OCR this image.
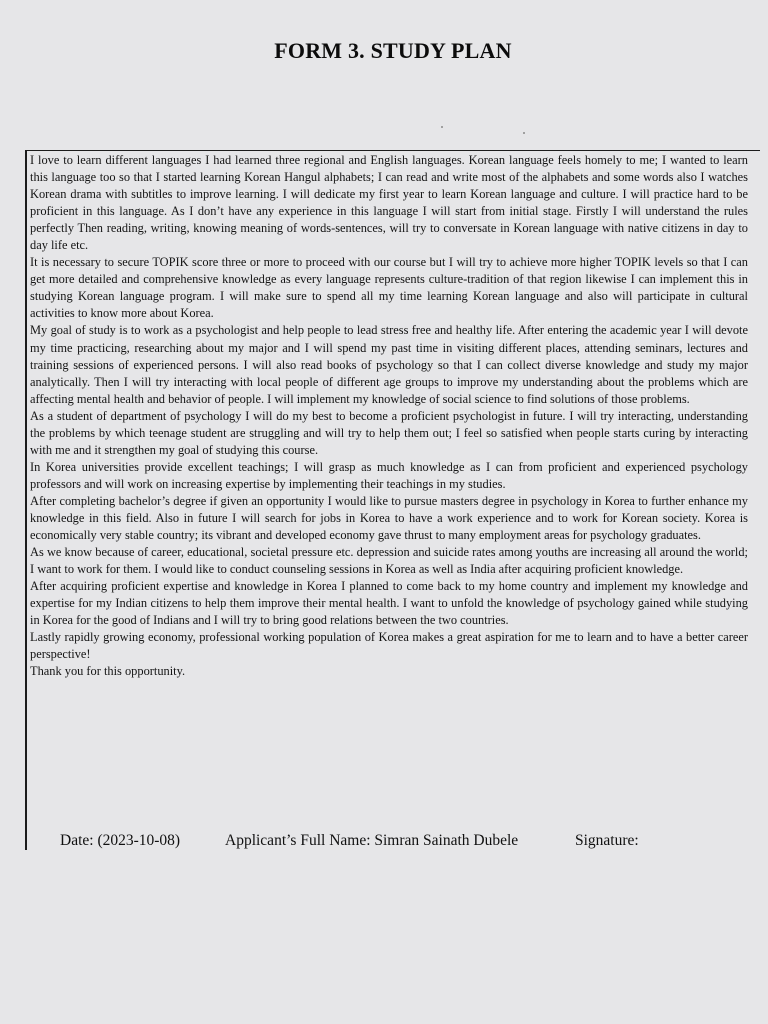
FORM 3. STUDY PLAN

I love to learn different languages I had learned three regional and English languages. Korean language feels homely to me; I wanted to learn this language too so that I started learning Korean Hangul alphabets; I can read and write most of the alphabets and some words also I watches Korean drama with subtitles to improve learning. I will dedicate my first year to learn Korean language and culture. I will practice hard to be proficient in this language. As I don’t have any experience in this language I will start from initial stage. Firstly I will understand the rules perfectly Then reading, writing, knowing meaning of words-sentences, will try to conversate in Korean language with native citizens in day to day life etc.

It is necessary to secure TOPIK score three or more to proceed with our course but I will try to achieve more higher TOPIK levels so that I can get more detailed and comprehensive knowledge as every language represents culture-tradition of that region likewise I can implement this in studying Korean language program. I will make sure to spend all my time learning Korean language and also will participate in cultural activities to know more about Korea.

My goal of study is to work as a psychologist and help people to lead stress free and healthy life. After entering the academic year I will devote my time practicing, researching about my major and I will spend my past time in visiting different places, attending seminars, lectures and training sessions of experienced persons. I will also read books of psychology so that I can collect diverse knowledge and study my major analytically. Then I will try interacting with local people of different age groups to improve my understanding about the problems which are affecting mental health and behavior of people. I will implement my knowledge of social science to find solutions of those problems.

As a student of department of psychology I will do my best to become a proficient psychologist in future. I will try interacting, understanding the problems by which teenage student are struggling and will try to help them out; I feel so satisfied when people starts curing by interacting with me and it strengthen my goal of studying this course.

In Korea universities provide excellent teachings; I will grasp as much knowledge as I can from proficient and experienced psychology professors and will work on increasing expertise by implementing their teachings in my studies.

After completing bachelor’s degree if given an opportunity I would like to pursue masters degree in psychology in Korea to further enhance my knowledge in this field. Also in future I will search for jobs in Korea to have a work experience and to work for Korean society. Korea is economically very stable country; its vibrant and developed economy gave thrust to many employment areas for psychology graduates.

As we know because of career, educational, societal pressure etc. depression and suicide rates among youths are increasing all around the world; I want to work for them. I would like to conduct counseling sessions in Korea as well as India after acquiring proficient knowledge.

After acquiring proficient expertise and knowledge in Korea I planned to come back to my home country and implement my knowledge and expertise for my Indian citizens to help them improve their mental health. I want to unfold the knowledge of psychology gained while studying in Korea for the good of Indians and I will try to bring good relations between the two countries.

Lastly rapidly growing economy, professional working population of Korea makes a great aspiration for me to learn and to have a better career perspective!

Thank you for this opportunity.

Date: (2023-10-08)	Applicant’s Full Name: Simran Sainath Dubele	Signature:
